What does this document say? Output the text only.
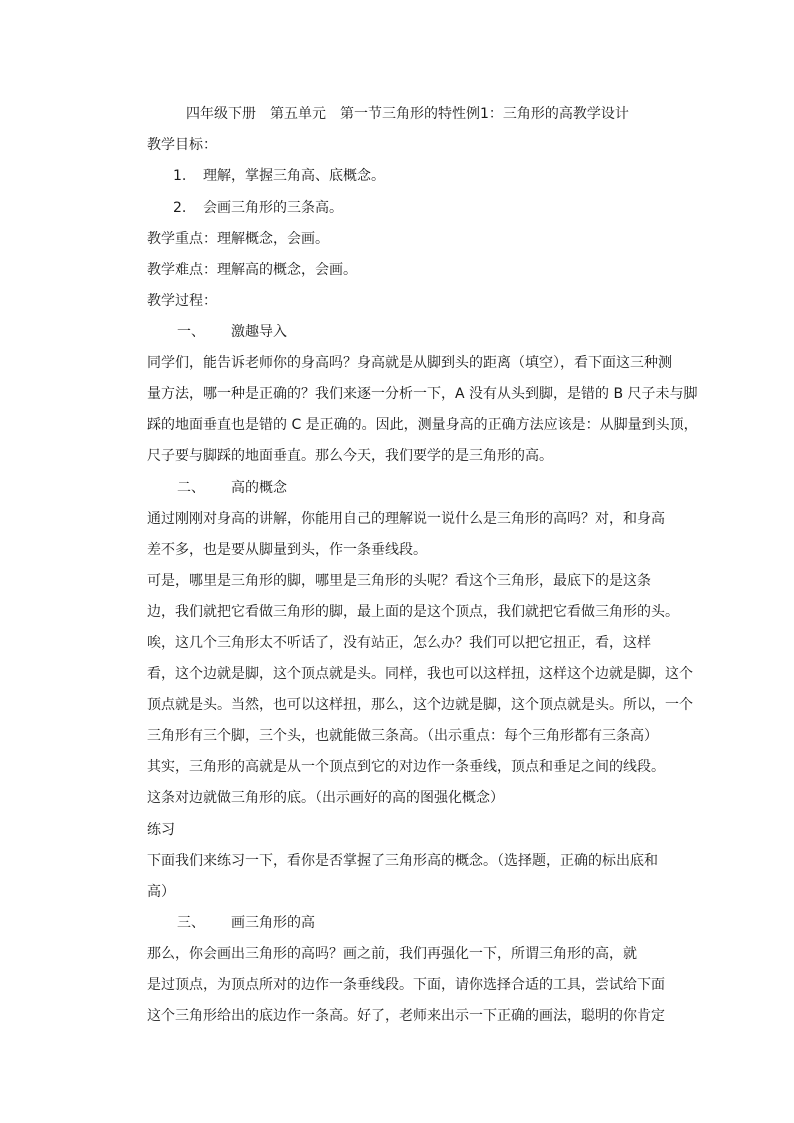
四年级下册　第五单元　第一节三角形的特性例1：三角形的高教学设计
教学目标：
1. 理解，掌握三角高、底概念。
2. 会画三角形的三条高。
教学重点：理解概念，会画。
教学难点：理解高的概念，会画。
教学过程：
一、 激趣导入
同学们，能告诉老师你的身高吗？身高就是从脚到头的距离（填空），看下面这三种测
量方法，哪一种是正确的？我们来逐一分析一下，A 没有从头到脚，是错的 B 尺子未与脚
踩的地面垂直也是错的 C 是正确的。因此，测量身高的正确方法应该是：从脚量到头顶，
尺子要与脚踩的地面垂直。那么今天，我们要学的是三角形的高。
二、 高的概念
通过刚刚对身高的讲解，你能用自己的理解说一说什么是三角形的高吗？对，和身高
差不多，也是要从脚量到头，作一条垂线段。
可是，哪里是三角形的脚，哪里是三角形的头呢？看这个三角形，最底下的是这条
边，我们就把它看做三角形的脚，最上面的是这个顶点，我们就把它看做三角形的头。
唉，这几个三角形太不听话了，没有站正，怎么办？我们可以把它扭正，看，这样
看，这个边就是脚，这个顶点就是头。同样，我也可以这样扭，这样这个边就是脚，这个
顶点就是头。当然，也可以这样扭，那么，这个边就是脚，这个顶点就是头。所以，一个
三角形有三个脚，三个头，也就能做三条高。（出示重点：每个三角形都有三条高）
其实，三角形的高就是从一个顶点到它的对边作一条垂线，顶点和垂足之间的线段。
这条对边就做三角形的底。（出示画好的高的图强化概念）
练习
下面我们来练习一下，看你是否掌握了三角形高的概念。（选择题，正确的标出底和
高）
三、 画三角形的高
那么，你会画出三角形的高吗？画之前，我们再强化一下，所谓三角形的高，就
是过顶点，为顶点所对的边作一条垂线段。下面，请你选择合适的工具，尝试给下面
这个三角形给出的底边作一条高。好了，老师来出示一下正确的画法，聪明的你肯定
